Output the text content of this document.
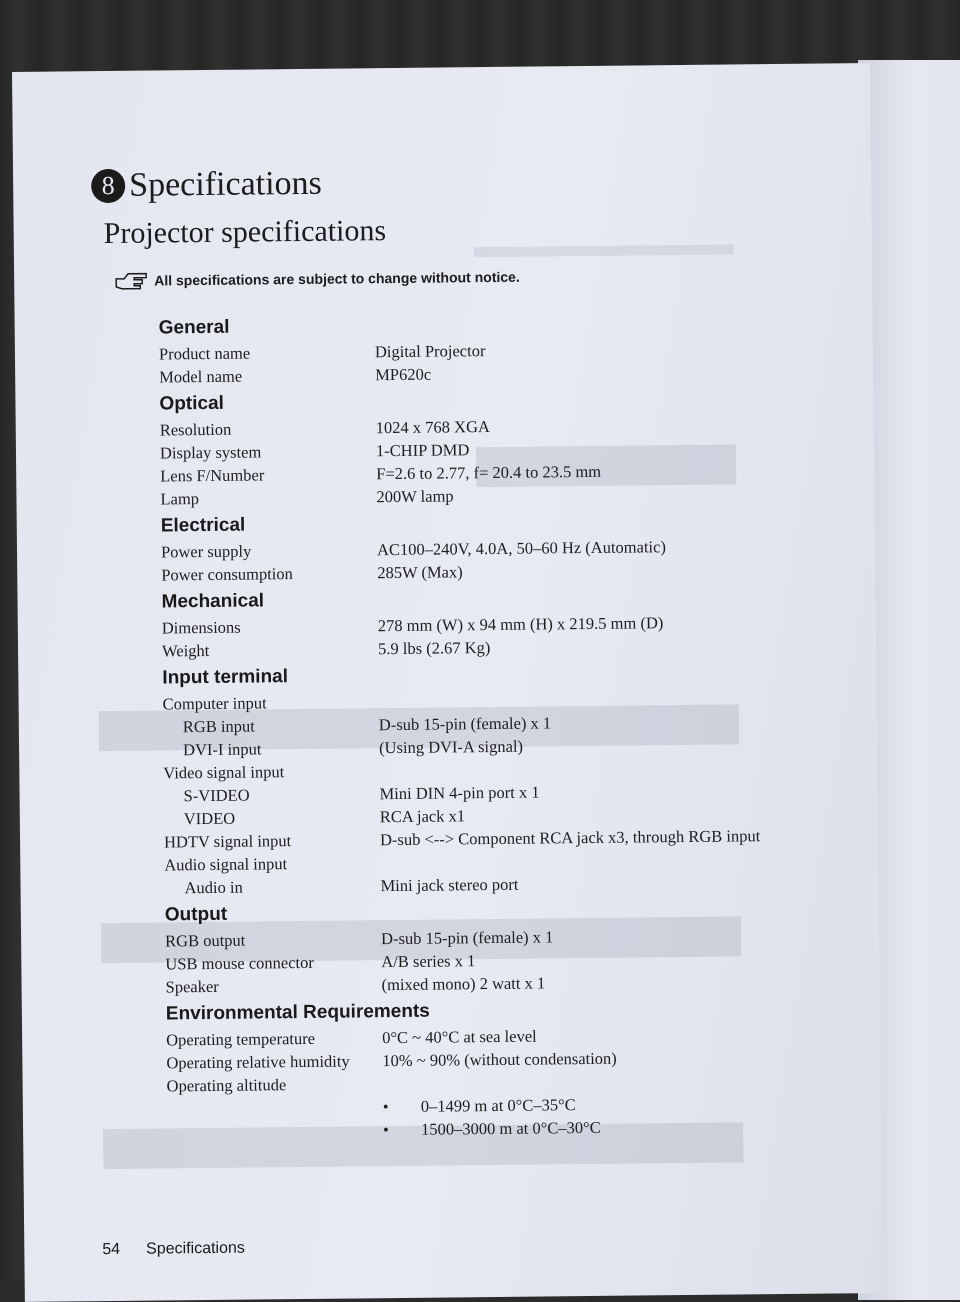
8 Specifications
Projector specifications
All specifications are subject to change without notice.
General
Product name	Digital Projector
Model name	MP620c
Optical
Resolution	1024 x 768 XGA
Display system	1-CHIP DMD
Lens F/Number	F=2.6 to 2.77, f= 20.4 to 23.5 mm
Lamp	200W lamp
Electrical
Power supply	AC100–240V, 4.0A, 50–60 Hz (Automatic)
Power consumption	285W (Max)
Mechanical
Dimensions	278 mm (W) x 94 mm (H) x 219.5 mm (D)
Weight	5.9 lbs (2.67 Kg)
Input terminal
Computer input
RGB input	D-sub 15-pin (female) x 1
DVI-I input	(Using DVI-A signal)
Video signal input
S-VIDEO	Mini DIN 4-pin port x 1
VIDEO	RCA jack x1
HDTV signal input	D-sub <--> Component RCA jack x3, through RGB input
Audio signal input
Audio in	Mini jack stereo port
Output
RGB output	D-sub 15-pin (female) x 1
USB mouse connector	A/B series x 1
Speaker	(mixed mono) 2 watt x 1
Environmental Requirements
Operating temperature	0°C ~ 40°C at sea level
Operating relative humidity	10% ~ 90% (without condensation)
Operating altitude
•	0–1499 m at 0°C–35°C
•	1500–3000 m at 0°C–30°C
54 Specifications
